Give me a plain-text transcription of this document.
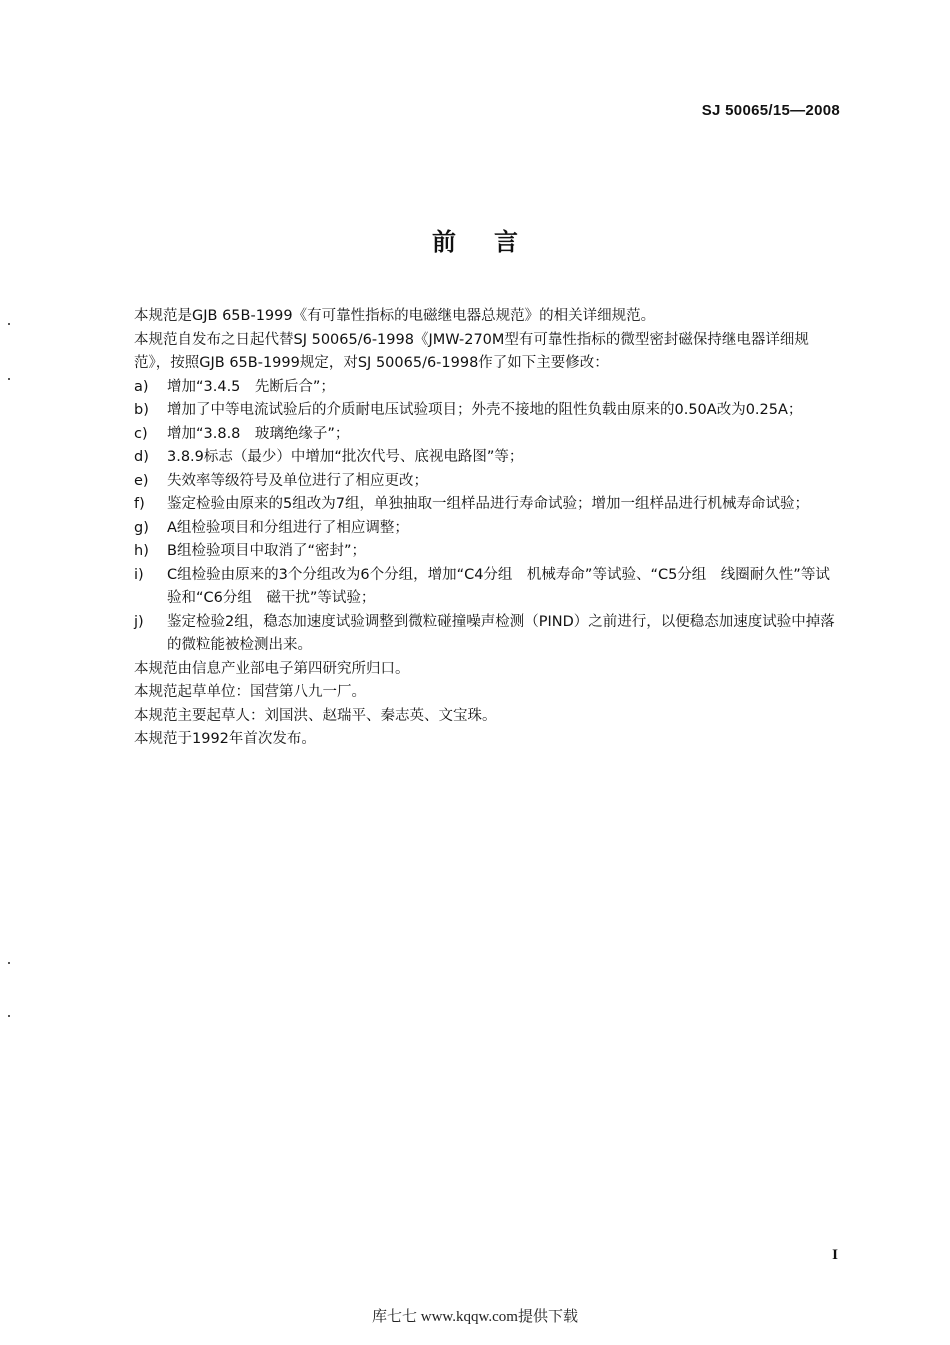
SJ 50065/15—2008
前言

本规范是GJB 65B-1999《有可靠性指标的电磁继电器总规范》的相关详细规范。

本规范自发布之日起代替SJ 50065/6-1998《JMW-270M型有可靠性指标的微型密封磁保持继电器详细规范》，按照GJB 65B-1999规定，对SJ 50065/6-1998作了如下主要修改：

a)	增加“3.4.5　先断后合”；
b)	增加了中等电流试验后的介质耐电压试验项目；外壳不接地的阻性负载由原来的0.50A改为0.25A；
c)	增加“3.8.8　玻璃绝缘子”；
d)	3.8.9标志（最少）中增加“批次代号、底视电路图”等；
e)	失效率等级符号及单位进行了相应更改；
f)	鉴定检验由原来的5组改为7组，单独抽取一组样品进行寿命试验；增加一组样品进行机械寿命试验；
g)	A组检验项目和分组进行了相应调整；
h)	B组检验项目中取消了“密封”；
i)	C组检验由原来的3个分组改为6个分组，增加“C4分组　机械寿命”等试验、“C5分组　线圈耐久性”等试验和“C6分组　磁干扰”等试验；
j)	鉴定检验2组，稳态加速度试验调整到微粒碰撞噪声检测（PIND）之前进行，以便稳态加速度试验中掉落的微粒能被检测出来。

本规范由信息产业部电子第四研究所归口。

本规范起草单位：国营第八九一厂。

本规范主要起草人：刘国洪、赵瑞平、秦志英、文宝珠。

本规范于1992年首次发布。

I
库七七 www.kqqw.com提供下载
